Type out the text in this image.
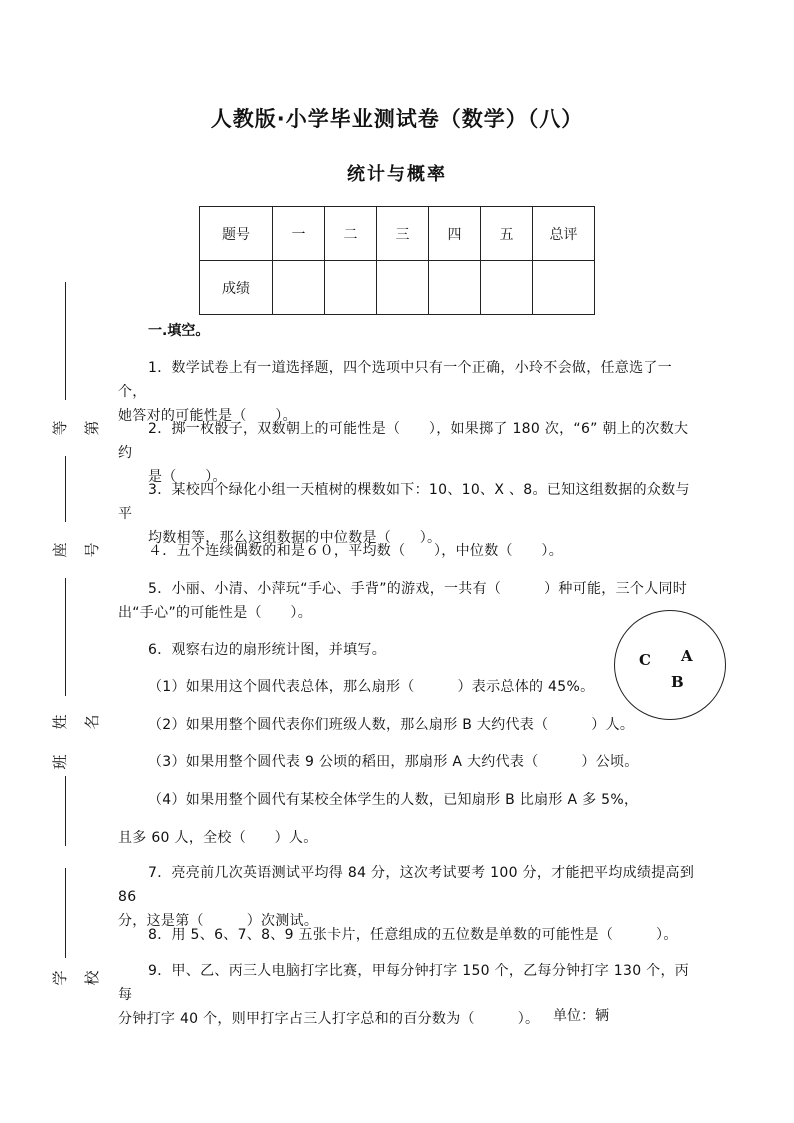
人教版·小学毕业测试卷（数学）（八）
统计与概率
题号	一	二	三	四	五	总评
成绩						
等第
座号
姓名
班
学校
一.填空。

1．数学试卷上有一道选择题，四个选项中只有一个正确，小玲不会做，任意选了一个，

她答对的可能性是（　　）。

2．掷一枚骰子，双数朝上的可能性是（　　），如果掷了 180 次，“6” 朝上的次数大约

是（　　）。

3．某校四个绿化小组一天植树的棵数如下：10、10、X 、8。已知这组数据的众数与平

均数相等，那么这组数据的中位数是（　　）。

４．五个连续偶数的和是６０，平均数（　　），中位数（　　）。

5．小丽、小清、小萍玩“手心、手背”的游戏，一共有（　　　）种可能，三个人同时

出“手心”的可能性是（　　）。

6．观察右边的扇形统计图，并填写。

（1）如果用这个圆代表总体，那么扇形（　　　）表示总体的 45%。

（2）如果用整个圆代表你们班级人数，那么扇形 B 大约代表（　　　）人。

（3）如果用整个圆代表 9 公顷的稻田，那扇形 A 大约代表（　　　）公顷。

（4）如果用整个圆代有某校全体学生的人数，已知扇形 B 比扇形 A 多 5%，

且多 60 人，全校（　　）人。

C A
B

7．亮亮前几次英语测试平均得 84 分，这次考试要考 100 分，才能把平均成绩提高到 86

分，这是第（　　　）次测试。

8．用 5、6、7、8、9 五张卡片，任意组成的五位数是单数的可能性是（　　　）。

9．甲、乙、丙三人电脑打字比赛，甲每分钟打字 150 个，乙每分钟打字 130 个，丙每

分钟打字 40 个，则甲打字占三人打字总和的百分数为（　　　）。 单位：辆
